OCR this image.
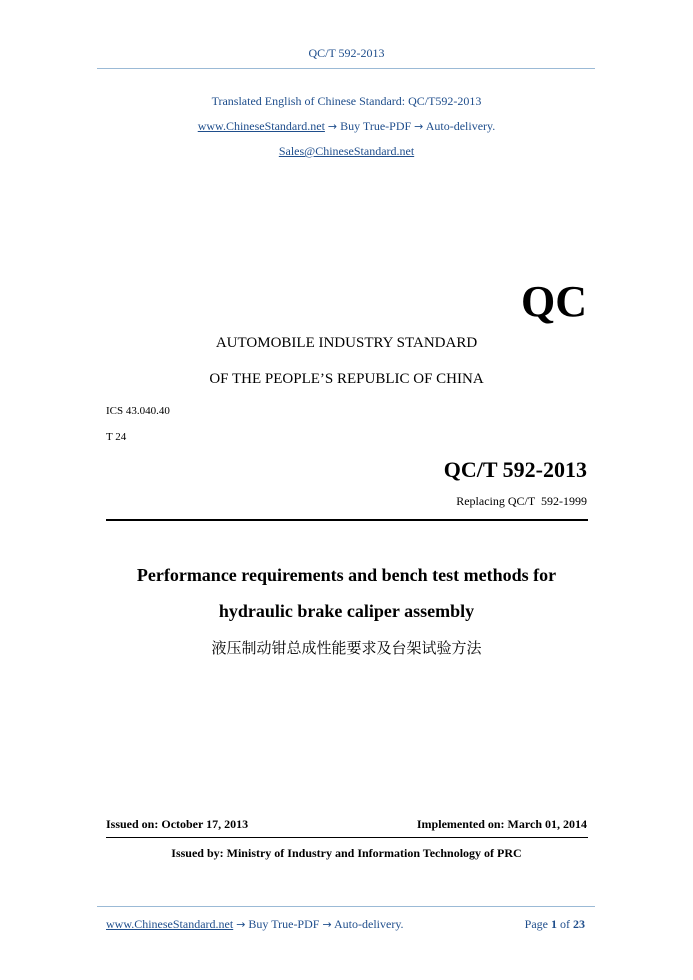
QC/T 592-2013
Translated English of Chinese Standard: QC/T592-2013
www.ChineseStandard.net → Buy True-PDF → Auto-delivery.
Sales@ChineseStandard.net
QC
AUTOMOBILE INDUSTRY STANDARD
OF THE PEOPLE’S REPUBLIC OF CHINA
ICS 43.040.40
T 24
QC/T 592-2013
Replacing QC/T  592-1999
Performance requirements and bench test methods for
hydraulic brake caliper assembly
液压制动钳总成性能要求及台架试验方法
Issued on: October 17, 2013	Implemented on: March 01, 2014
Issued by: Ministry of Industry and Information Technology of PRC
www.ChineseStandard.net → Buy True-PDF → Auto-delivery.	Page 1 of 23
